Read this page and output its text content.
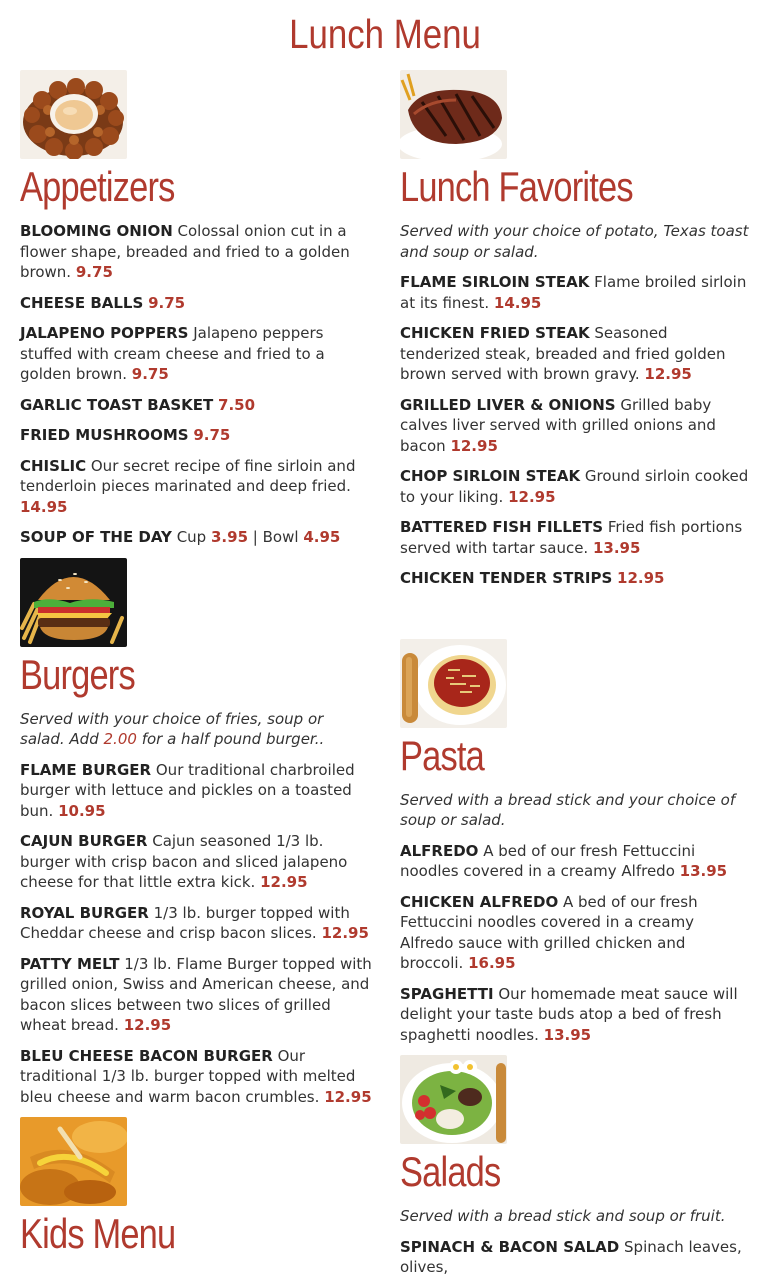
Lunch Menu
Appetizers

BLOOMING ONION Colossal onion cut in a flower shape, breaded and fried to a golden brown. 9.75

CHEESE BALLS 9.75

JALAPENO POPPERS Jalapeno peppers stuffed with cream cheese and fried to a golden brown. 9.75

GARLIC TOAST BASKET 7.50

FRIED MUSHROOMS 9.75

CHISLIC Our secret recipe of fine sirloin and tenderloin pieces marinated and deep fried. 14.95

SOUP OF THE DAY Cup 3.95 | Bowl 4.95

Burgers

Served with your choice of fries, soup or salad. Add 2.00 for a half pound burger..

FLAME BURGER Our traditional charbroiled burger with lettuce and pickles on a toasted bun. 10.95

CAJUN BURGER Cajun seasoned 1/3 lb. burger with crisp bacon and sliced jalapeno cheese for that little extra kick. 12.95

ROYAL BURGER 1/3 lb. burger topped with Cheddar cheese and crisp bacon slices. 12.95

PATTY MELT 1/3 lb. Flame Burger topped with grilled onion, Swiss and American cheese, and bacon slices between two slices of grilled wheat bread. 12.95

BLEU CHEESE BACON BURGER Our traditional 1/3 lb. burger topped with melted bleu cheese and warm bacon crumbles. 12.95

Kids Menu
Lunch Favorites

Served with your choice of potato, Texas toast and soup or salad.

FLAME SIRLOIN STEAK Flame broiled sirloin at its finest. 14.95

CHICKEN FRIED STEAK Seasoned tenderized steak, breaded and fried golden brown served with brown gravy. 12.95

GRILLED LIVER & ONIONS Grilled baby calves liver served with grilled onions and bacon 12.95

CHOP SIRLOIN STEAK Ground sirloin cooked to your liking. 12.95

BATTERED FISH FILLETS Fried fish portions served with tartar sauce. 13.95

CHICKEN TENDER STRIPS 12.95

Pasta

Served with a bread stick and your choice of soup or salad.

ALFREDO A bed of our fresh Fettuccini noodles covered in a creamy Alfredo 13.95

CHICKEN ALFREDO A bed of our fresh Fettuccini noodles covered in a creamy Alfredo sauce with grilled chicken and broccoli. 16.95

SPAGHETTI Our homemade meat sauce will delight your taste buds atop a bed of fresh spaghetti noodles. 13.95

Salads

Served with a bread stick and soup or fruit.

SPINACH & BACON SALAD Spinach leaves, olives,
